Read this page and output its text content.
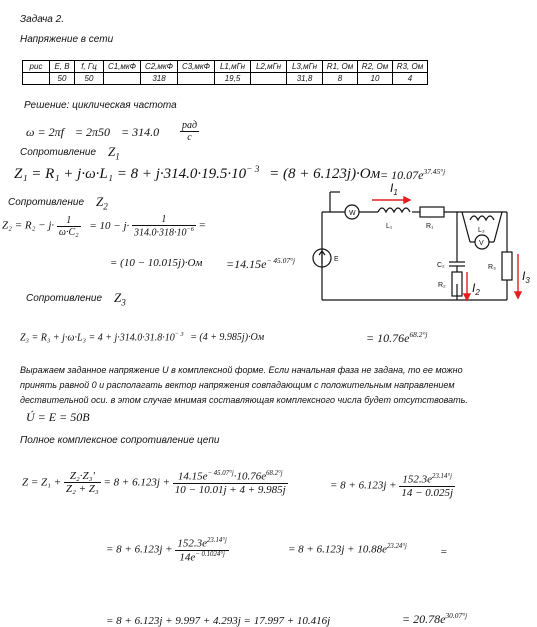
Задача 2.
Напряжение в сети
рис	E, B	f, Гц	C1,мкФ	C2,мкФ	C3,мкФ	L1,мГн	L2,мГн	L3,мГн	R1, Ом	R2, Ом	R3, Ом
	50	50		318		19,5		31,8	8	10	4
Решение: циклическая частота
$\omega = 2\pi f = 2\pi 50 = 314.0 \frac{\text{рад}}{c}$
Сопротивление $Z_1$
$Z_1 = R_1 + j\cdot\omega\cdot L_1 = 8 + j\cdot 314.0\cdot 19.5\cdot 10^{- 3} = (8 + 6.123j)\cdot Ом = 10.07e^{37.45^\circ j}$
Сопротивление $Z_2$
$Z_2 = R_2 - j\cdot \frac{1}{\text{ω·C₂}} = 10 - j\cdot \frac{1}{314.0\cdot 318\cdot 10^{-6}}$ =
= $(10 - 10.015j)\cdot Ом =14.15e^{- 45.07^\circ j}$
Сопротивление $Z_3$
$Z_3 = R_3 + j\cdot\omega\cdot L_3 = 4 + j\cdot 314.0\cdot 31.8\cdot 10^{- 3} = (4 + 9.985j)\cdot Ом$	= $10.76e^{68.2^\circ j}$
W
V
E
L₁	R₁
L₃
C₂
R₂
R₃
$I_1$
$I_2$
$I_3$
Выражаем заданное напряжение U в комплексной форме. Если начальная фаза не задана, то ее можно
принять равной 0 и располагать вектор напряжения совпадающим с положительным направлением
дествительной оси. в этом случае мнимая составляющая комплексного числа будет отсутствовать.
Ú = E = 50B
Полное комплексное сопротивление цепи
$Z = Z_1 + \frac{\text{Z₂·Z₃'}}{\text{Z₂ + Z₃}} = 8 + 6.123j + \frac{14.15e^{- 45.07^\circ j}\cdot 10.76e^{68.2^\circ j}}{10 - 10.01j + 4 + 9.985j}$	= $8 + 6.123j + \frac{152.3e^{23.14^\circ j}}{14 - 0.025j}$
= $8 + 6.123j + \frac{152.3e^{23.14^\circ j}}{14e^{- 0.1024^\circ j}}$	= $8 + 6.123j + 10.88e^{23.24^\circ j}$	=
= 8 + 6.123j + 9.997 + 4.293j = 17.997 + 10.416j	= $20.78e^{30.07^\circ j}$
